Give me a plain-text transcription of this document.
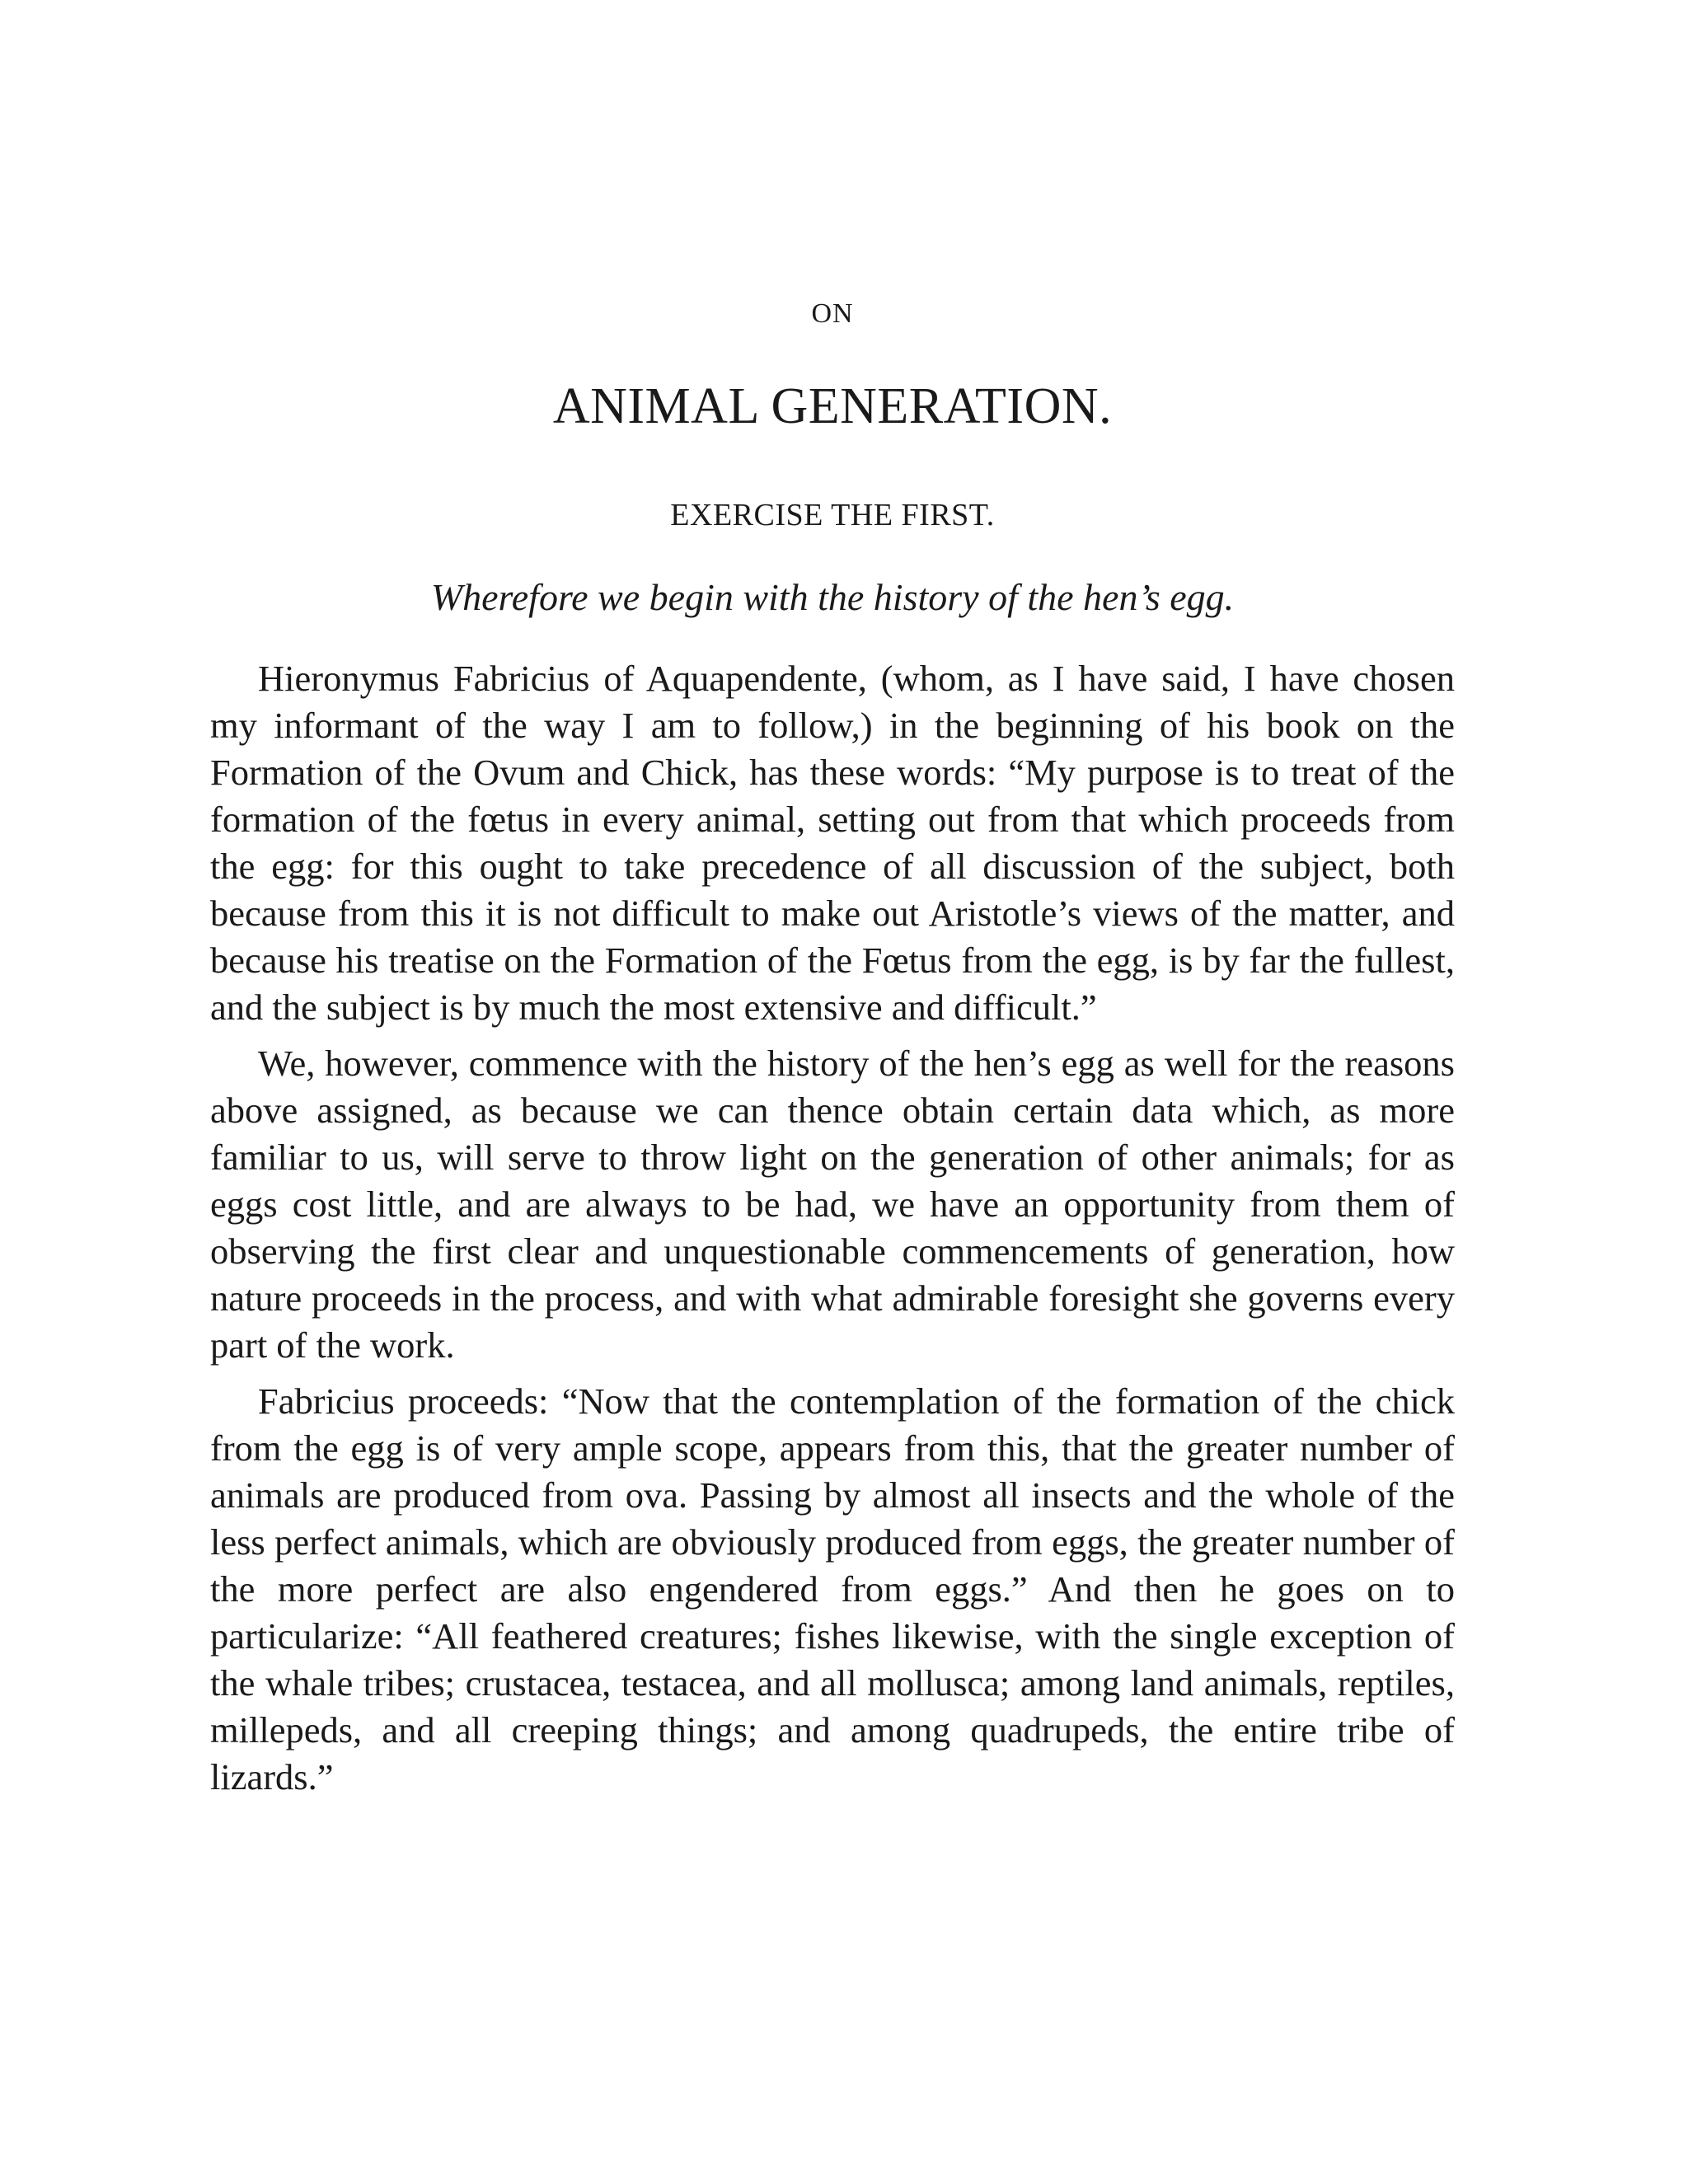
ON
ANIMAL GENERATION.
EXERCISE THE FIRST.
Wherefore we begin with the history of the hen’s egg.

Hieronymus Fabricius of Aquapendente, (whom, as I have said, I have chosen my informant of the way I am to follow,) in the beginning of his book on the Formation of the Ovum and Chick, has these words: “My purpose is to treat of the formation of the fœtus in every animal, setting out from that which proceeds from the egg: for this ought to take precedence of all discussion of the subject, both because from this it is not difficult to make out Aristotle’s views of the matter, and because his treatise on the Formation of the Fœtus from the egg, is by far the fullest, and the subject is by much the most extensive and difficult.”

We, however, commence with the history of the hen’s egg as well for the reasons above assigned, as because we can thence obtain certain data which, as more familiar to us, will serve to throw light on the generation of other animals; for as eggs cost little, and are always to be had, we have an opportunity from them of observing the first clear and unquestionable commencements of generation, how nature proceeds in the process, and with what admirable foresight she governs every part of the work.

Fabricius proceeds: “Now that the contemplation of the formation of the chick from the egg is of very ample scope, appears from this, that the greater number of animals are produced from ova. Passing by almost all insects and the whole of the less perfect animals, which are obviously produced from eggs, the greater number of the more perfect are also engendered from eggs.” And then he goes on to particularize: “All feathered creatures; fishes likewise, with the single exception of the whale tribes; crustacea, testacea, and all mollusca; among land animals, reptiles, millepeds, and all creeping things; and among quadrupeds, the entire tribe of lizards.”
